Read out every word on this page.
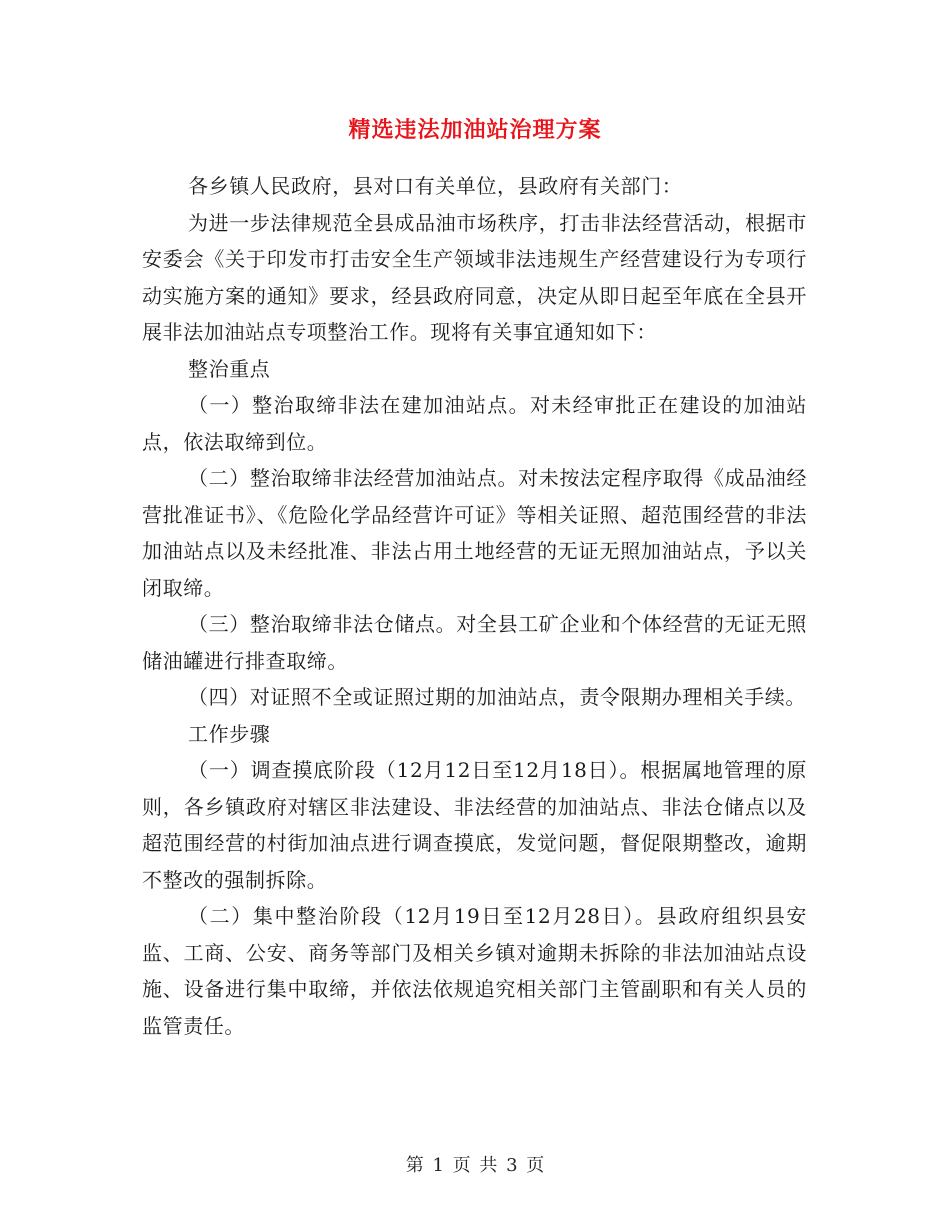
精选违法加油站治理方案

各乡镇人民政府，县对口有关单位，县政府有关部门：

为进一步法律规范全县成品油市场秩序，打击非法经营活动，根据市安委会《关于印发市打击安全生产领域非法违规生产经营建设行为专项行动实施方案的通知》要求，经县政府同意，决定从即日起至年底在全县开展非法加油站点专项整治工作。现将有关事宜通知如下：

整治重点

（一）整治取缔非法在建加油站点。对未经审批正在建设的加油站点，依法取缔到位。

（二）整治取缔非法经营加油站点。对未按法定程序取得《成品油经营批准证书》、《危险化学品经营许可证》等相关证照、超范围经营的非法加油站点以及未经批准、非法占用土地经营的无证无照加油站点，予以关闭取缔。

（三）整治取缔非法仓储点。对全县工矿企业和个体经营的无证无照储油罐进行排查取缔。

（四）对证照不全或证照过期的加油站点，责令限期办理相关手续。

工作步骤

（一）调查摸底阶段（12月12日至12月18日）。根据属地管理的原则，各乡镇政府对辖区非法建设、非法经营的加油站点、非法仓储点以及超范围经营的村街加油点进行调查摸底，发觉问题，督促限期整改，逾期不整改的强制拆除。

（二）集中整治阶段（12月19日至12月28日）。县政府组织县安监、工商、公安、商务等部门及相关乡镇对逾期未拆除的非法加油站点设施、设备进行集中取缔，并依法依规追究相关部门主管副职和有关人员的监管责任。

第 1 页 共 3 页
